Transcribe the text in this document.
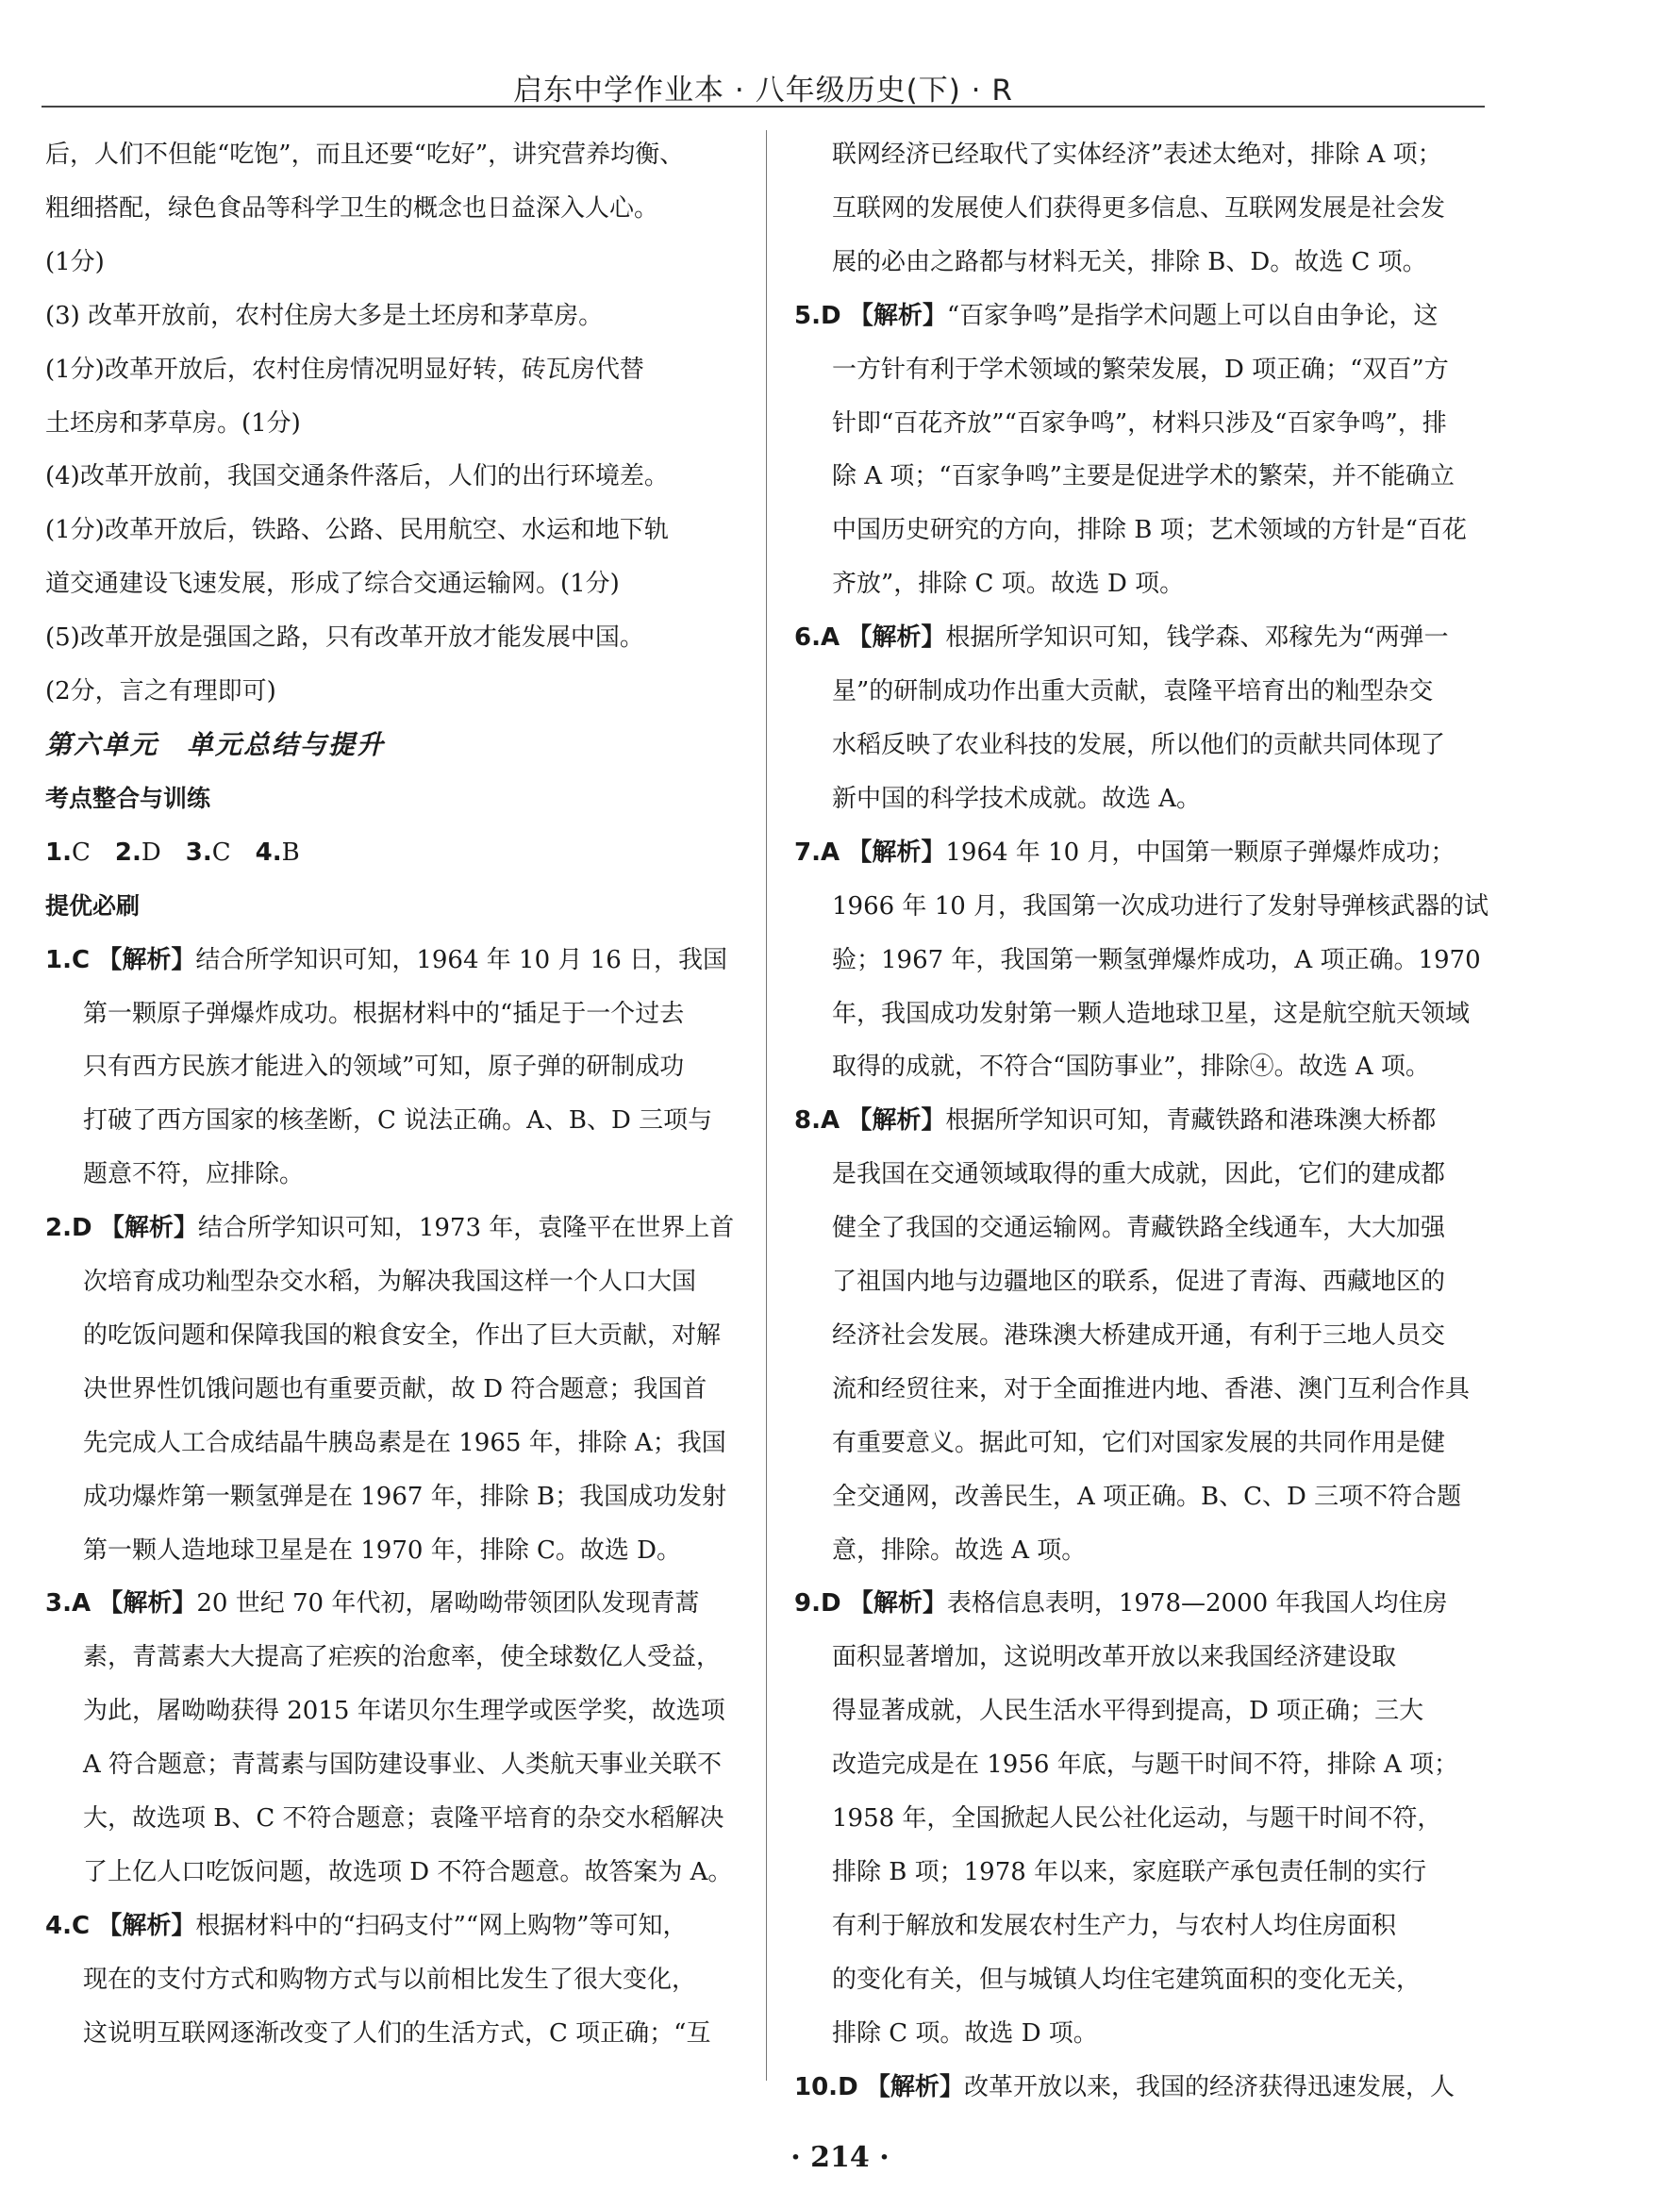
启东中学作业本 · 八年级历史(下) · R
后，人们不但能“吃饱”，而且还要“吃好”，讲究营养均衡、
粗细搭配，绿色食品等科学卫生的概念也日益深入人心。
(1分)
(3) 改革开放前，农村住房大多是土坯房和茅草房。
(1分)改革开放后，农村住房情况明显好转，砖瓦房代替
土坯房和茅草房。(1分)
(4)改革开放前，我国交通条件落后，人们的出行环境差。
(1分)改革开放后，铁路、公路、民用航空、水运和地下轨
道交通建设飞速发展，形成了综合交通运输网。(1分)
(5)改革开放是强国之路，只有改革开放才能发展中国。
(2分，言之有理即可)
第六单元　单元总结与提升
考点整合与训练
1.C　 2.D　 3.C　 4.B　
提优必刷
1.C 【解析】结合所学知识可知，1964 年 10 月 16 日，我国
第一颗原子弹爆炸成功。根据材料中的“插足于一个过去
只有西方民族才能进入的领域”可知，原子弹的研制成功
打破了西方国家的核垄断，C 说法正确。A、B、D 三项与
题意不符，应排除。
2.D 【解析】结合所学知识可知，1973 年，袁隆平在世界上首
次培育成功籼型杂交水稻，为解决我国这样一个人口大国
的吃饭问题和保障我国的粮食安全，作出了巨大贡献，对解
决世界性饥饿问题也有重要贡献，故 D 符合题意；我国首
先完成人工合成结晶牛胰岛素是在 1965 年，排除 A；我国
成功爆炸第一颗氢弹是在 1967 年，排除 B；我国成功发射
第一颗人造地球卫星是在 1970 年，排除 C。故选 D。
3.A 【解析】20 世纪 70 年代初，屠呦呦带领团队发现青蒿
素，青蒿素大大提高了疟疾的治愈率，使全球数亿人受益，
为此，屠呦呦获得 2015 年诺贝尔生理学或医学奖，故选项
A 符合题意；青蒿素与国防建设事业、人类航天事业关联不
大，故选项 B、C 不符合题意；袁隆平培育的杂交水稻解决
了上亿人口吃饭问题，故选项 D 不符合题意。故答案为 A。
4.C 【解析】根据材料中的“扫码支付”“网上购物”等可知，
现在的支付方式和购物方式与以前相比发生了很大变化，
这说明互联网逐渐改变了人们的生活方式，C 项正确；“互
联网经济已经取代了实体经济”表述太绝对，排除 A 项；
互联网的发展使人们获得更多信息、互联网发展是社会发
展的必由之路都与材料无关，排除 B、D。故选 C 项。
5.D 【解析】“百家争鸣”是指学术问题上可以自由争论，这
一方针有利于学术领域的繁荣发展，D 项正确；“双百”方
针即“百花齐放”“百家争鸣”，材料只涉及“百家争鸣”，排
除 A 项；“百家争鸣”主要是促进学术的繁荣，并不能确立
中国历史研究的方向，排除 B 项；艺术领域的方针是“百花
齐放”，排除 C 项。故选 D 项。
6.A 【解析】根据所学知识可知，钱学森、邓稼先为“两弹一
星”的研制成功作出重大贡献，袁隆平培育出的籼型杂交
水稻反映了农业科技的发展，所以他们的贡献共同体现了
新中国的科学技术成就。故选 A。
7.A 【解析】1964 年 10 月，中国第一颗原子弹爆炸成功；
1966 年 10 月，我国第一次成功进行了发射导弹核武器的试
验；1967 年，我国第一颗氢弹爆炸成功，A 项正确。1970
年，我国成功发射第一颗人造地球卫星，这是航空航天领域
取得的成就，不符合“国防事业”，排除④。故选 A 项。
8.A 【解析】根据所学知识可知，青藏铁路和港珠澳大桥都
是我国在交通领域取得的重大成就，因此，它们的建成都
健全了我国的交通运输网。青藏铁路全线通车，大大加强
了祖国内地与边疆地区的联系，促进了青海、西藏地区的
经济社会发展。港珠澳大桥建成开通，有利于三地人员交
流和经贸往来，对于全面推进内地、香港、澳门互利合作具
有重要意义。据此可知，它们对国家发展的共同作用是健
全交通网，改善民生，A 项正确。B、C、D 三项不符合题
意，排除。故选 A 项。
9.D 【解析】表格信息表明，1978—2000 年我国人均住房
面积显著增加，这说明改革开放以来我国经济建设取
得显著成就，人民生活水平得到提高，D 项正确；三大
改造完成是在 1956 年底，与题干时间不符，排除 A 项；
1958 年，全国掀起人民公社化运动，与题干时间不符，
排除 B 项；1978 年以来，家庭联产承包责任制的实行
有利于解放和发展农村生产力，与农村人均住房面积
的变化有关，但与城镇人均住宅建筑面积的变化无关，
排除 C 项。故选 D 项。
10.D 【解析】改革开放以来，我国的经济获得迅速发展，人
· 214 ·
